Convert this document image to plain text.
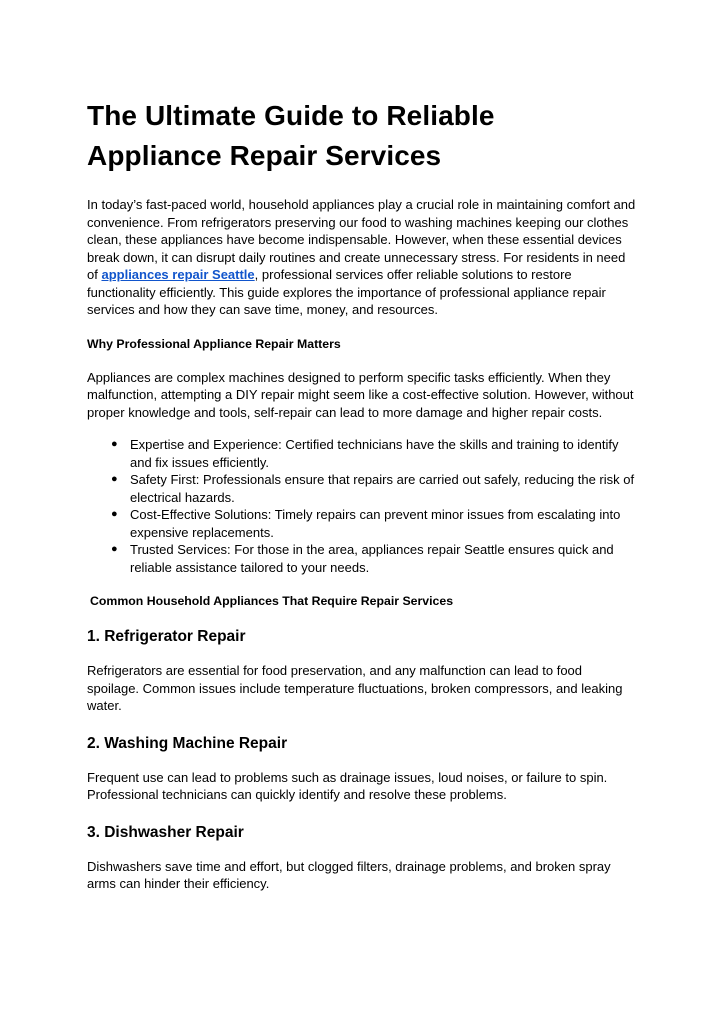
The Ultimate Guide to Reliable
Appliance Repair Services

In today’s fast-paced world, household appliances play a crucial role in maintaining comfort and convenience. From refrigerators preserving our food to washing machines keeping our clothes clean, these appliances have become indispensable. However, when these essential devices break down, it can disrupt daily routines and create unnecessary stress. For residents in need of appliances repair Seattle, professional services offer reliable solutions to restore functionality efficiently. This guide explores the importance of professional appliance repair services and how they can save time, money, and resources.

Why Professional Appliance Repair Matters

Appliances are complex machines designed to perform specific tasks efficiently. When they malfunction, attempting a DIY repair might seem like a cost-effective solution. However, without proper knowledge and tools, self-repair can lead to more damage and higher repair costs.

● Expertise and Experience: Certified technicians have the skills and training to identify and fix issues efficiently.
● Safety First: Professionals ensure that repairs are carried out safely, reducing the risk of electrical hazards.
● Cost-Effective Solutions: Timely repairs can prevent minor issues from escalating into expensive replacements.
● Trusted Services: For those in the area, appliances repair Seattle ensures quick and reliable assistance tailored to your needs.
Common Household Appliances That Require Repair Services
1. Refrigerator Repair

Refrigerators are essential for food preservation, and any malfunction can lead to food spoilage. Common issues include temperature fluctuations, broken compressors, and leaking water.

2. Washing Machine Repair

Frequent use can lead to problems such as drainage issues, loud noises, or failure to spin. Professional technicians can quickly identify and resolve these problems.

3. Dishwasher Repair

Dishwashers save time and effort, but clogged filters, drainage problems, and broken spray arms can hinder their efficiency.
